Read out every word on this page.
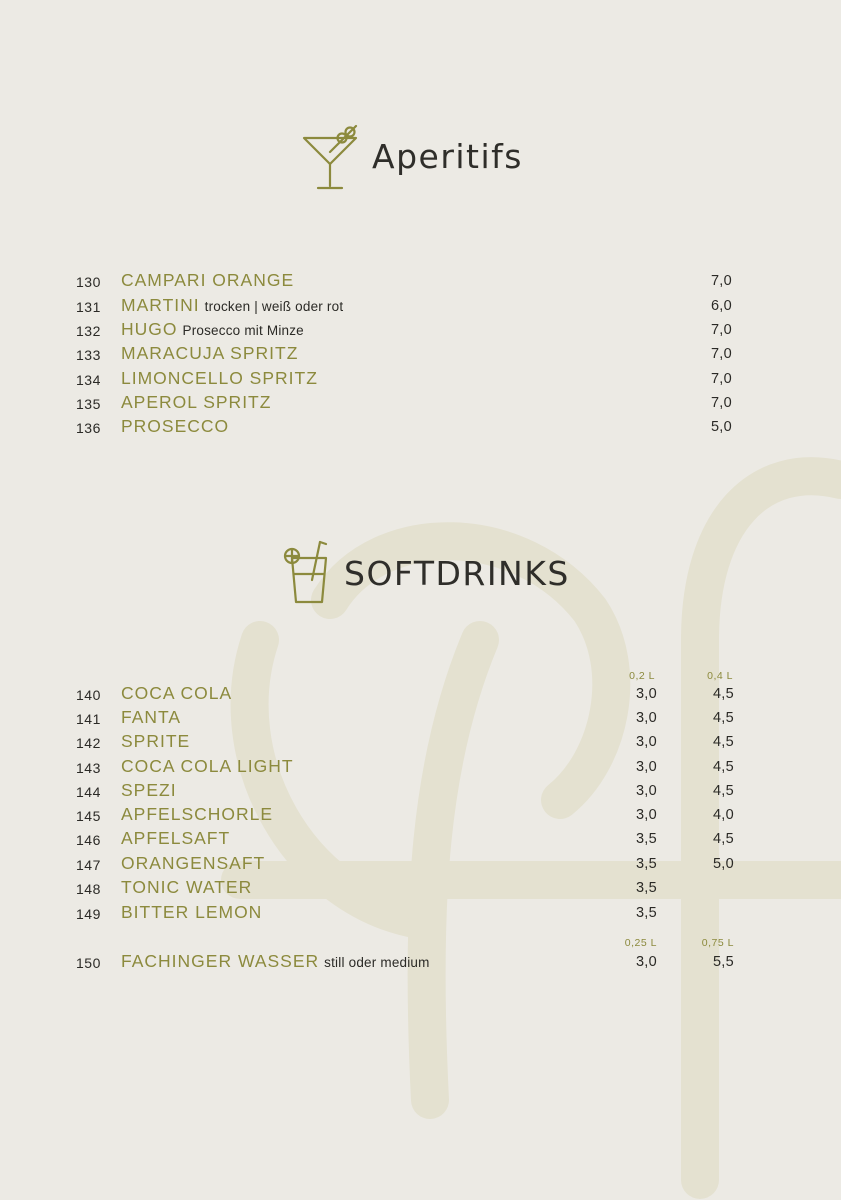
Aperitifs
130	CAMPARI ORANGE	7,0
131	MARTINI trocken | weiß oder rot	6,0
132	HUGO Prosecco mit Minze	7,0
133	MARACUJA SPRITZ	7,0
134	LIMONCELLO SPRITZ	7,0
135	APEROL SPRITZ	7,0
136	PROSECCO	5,0
SOFTDRINKS
0,2 L	0,4 L
140	COCA COLA	3,0	4,5
141	FANTA	3,0	4,5
142	SPRITE	3,0	4,5
143	COCA COLA LIGHT	3,0	4,5
144	SPEZI	3,0	4,5
145	APFELSCHORLE	3,0	4,0
146	APFELSAFT	3,5	4,5
147	ORANGENSAFT	3,5	5,0
148	TONIC WATER	3,5
149	BITTER LEMON	3,5
0,25 L	0,75 L
150	FACHINGER WASSER still oder medium	3,0	5,5
